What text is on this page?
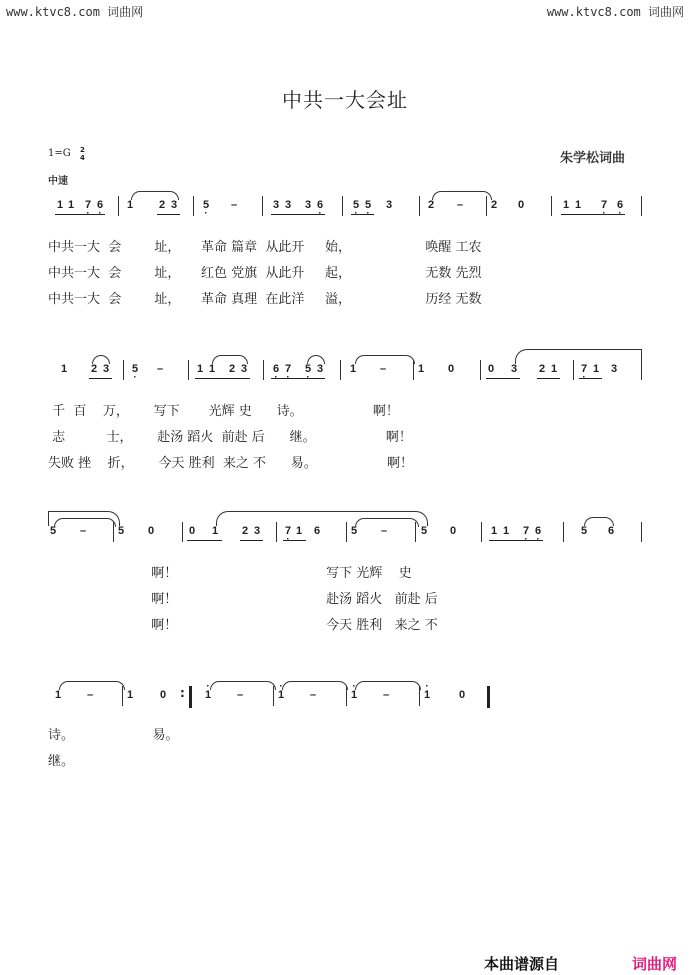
www.ktvc8.com 词曲网	www.ktvc8.com 词曲网
中共一大会址
1=G 2
4
中速
朱学松词曲
1 1 7 · 6 · 1 2 3 5 · –	3 3 3 6 ·	5 · 5 · 3	2 –	2 0	1 1 7 · 6 ·
中共一大  会        址，     革命 篇章  从此开     始，                  唤醒 工农
中共一大  会        址，     红色 党旗  从此升     起，                  无数 先烈
中共一大  会        址，     革命 真理  在此洋     溢，                  历经 无数
1 2 3 5 · –	1 1 2 3 6 · 7 · 5 · 3 1 –	1 0	0 3 2 1 7 · 1 3
千  百    万，      写下       光辉 史      诗。                 啊！
志          士，      赴汤 蹈火  前赴 后      继。                 啊！
失败 挫    折，      今天 胜利  来之 不      易。                 啊！
5 –	5 0	0 1 2 3 7 · 1 6	5 –	5 0	1 1 7 · 6 ·	5 6
啊！                                    写下 光辉    史
啊！                                    赴汤 蹈火   前赴 后
啊！                                    今天 胜利   来之 不
1 –	1 0 : · 1 –	· 1 –	· 1 –	· 1	0
诗。                   易。
继。
本曲谱源自	词曲网
